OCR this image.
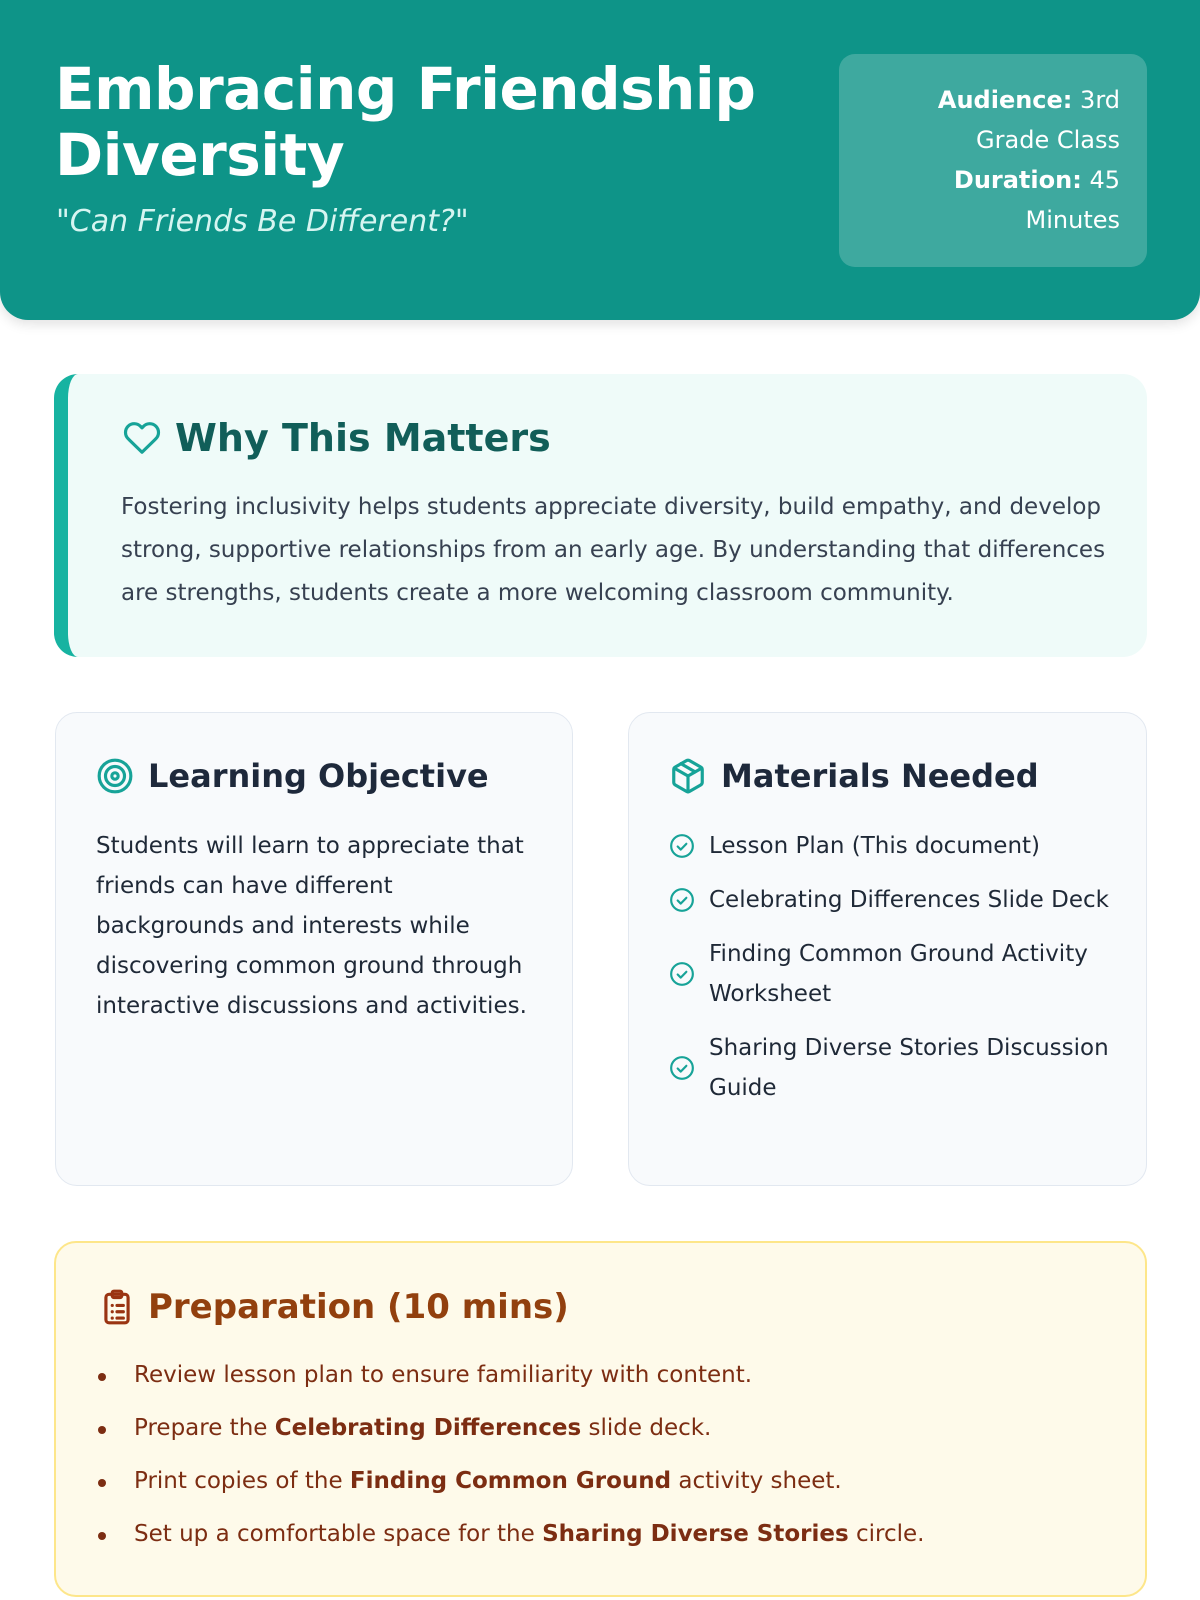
Embracing Friendship Diversity
"Can Friends Be Different?"
Audience: 3rd Grade Class
Duration: 45 Minutes
Why This Matters

Fostering inclusivity helps students appreciate diversity, build empathy, and develop strong, supportive relationships from an early age. By understanding that differences are strengths, students create a more welcoming classroom community.

Learning Objective

Students will learn to appreciate that friends can have different backgrounds and interests while discovering common ground through interactive discussions and activities.

Materials Needed
Lesson Plan (This document)
Celebrating Differences Slide Deck
Finding Common Ground Activity Worksheet
Sharing Diverse Stories Discussion Guide
Preparation (10 mins)
Review lesson plan to ensure familiarity with content.
Prepare the Celebrating Differences slide deck.
Print copies of the Finding Common Ground activity sheet.
Set up a comfortable space for the Sharing Diverse Stories circle.
